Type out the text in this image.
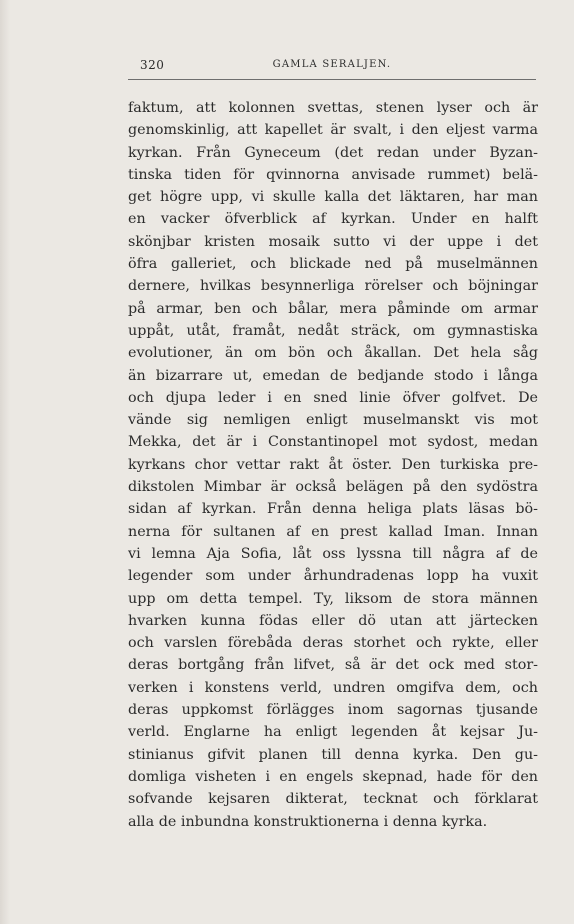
320	GAMLA SERALJEN.
faktum, att kolonnen svettas, stenen lyser och är
genomskinlig, att kapellet är svalt, i den eljest varma
kyrkan. Från Gyneceum (det redan under Byzan-
tinska tiden för qvinnorna anvisade rummet) belä-
get högre upp, vi skulle kalla det läktaren, har man
en vacker öfverblick af kyrkan. Under en halft
skönjbar kristen mosaik sutto vi der uppe i det
öfra galleriet, och blickade ned på muselmännen
dernere, hvilkas besynnerliga rörelser och böjningar
på armar, ben och bålar, mera påminde om armar
uppåt, utåt, framåt, nedåt sträck, om gymnastiska
evolutioner, än om bön och åkallan. Det hela såg
än bizarrare ut, emedan de bedjande stodo i långa
och djupa leder i en sned linie öfver golfvet. De
vände sig nemligen enligt muselmanskt vis mot
Mekka, det är i Constantinopel mot sydost, medan
kyrkans chor vettar rakt åt öster. Den turkiska pre-
dikstolen Mimbar är också belägen på den sydöstra
sidan af kyrkan. Från denna heliga plats läsas bö-
nerna för sultanen af en prest kallad Iman. Innan
vi lemna Aja Sofia, låt oss lyssna till några af de
legender som under århundradenas lopp ha vuxit
upp om detta tempel. Ty, liksom de stora männen
hvarken kunna födas eller dö utan att järtecken
och varslen förebåda deras storhet och rykte, eller
deras bortgång från lifvet, så är det ock med stor-
verken i konstens verld, undren omgifva dem, och
deras uppkomst förlägges inom sagornas tjusande
verld. Englarne ha enligt legenden åt kejsar Ju-
stinianus gifvit planen till denna kyrka. Den gu-
domliga visheten i en engels skepnad, hade för den
sofvande kejsaren dikterat, tecknat och förklarat
alla de inbundna konstruktionerna i denna kyrka.
